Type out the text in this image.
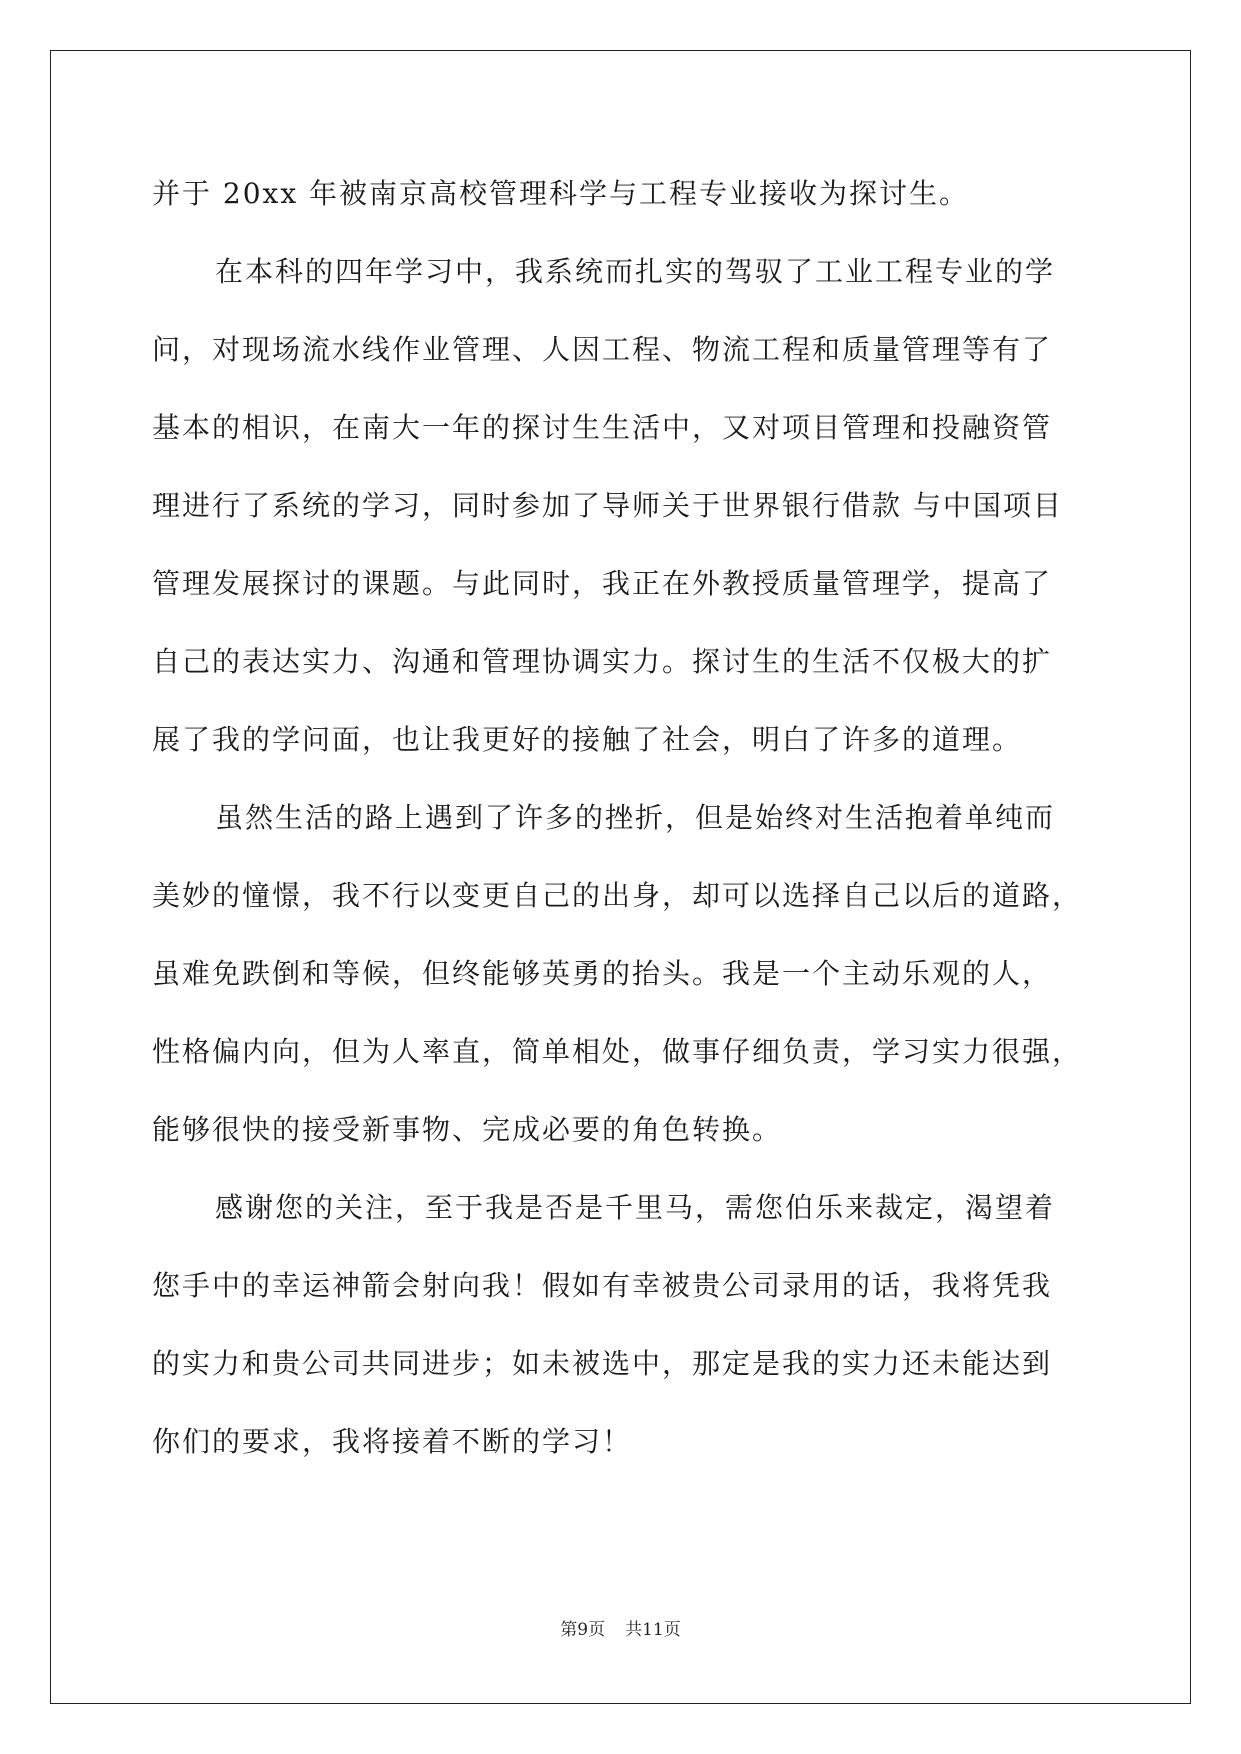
并于 20xx 年被南京高校管理科学与工程专业接收为探讨生。
在本科的四年学习中，我系统而扎实的驾驭了工业工程专业的学
问，对现场流水线作业管理、人因工程、物流工程和质量管理等有了
基本的相识，在南大一年的探讨生生活中，又对项目管理和投融资管
理进行了系统的学习，同时参加了导师关于世界银行借款 与中国项目
管理发展探讨的课题。与此同时，我正在外教授质量管理学，提高了
自己的表达实力、沟通和管理协调实力。探讨生的生活不仅极大的扩
展了我的学问面，也让我更好的接触了社会，明白了许多的道理。
虽然生活的路上遇到了许多的挫折，但是始终对生活抱着单纯而
美妙的憧憬，我不行以变更自己的出身，却可以选择自己以后的道路，
虽难免跌倒和等候，但终能够英勇的抬头。我是一个主动乐观的人，
性格偏内向，但为人率直，简单相处，做事仔细负责，学习实力很强，
能够很快的接受新事物、完成必要的角色转换。
感谢您的关注，至于我是否是千里马，需您伯乐来裁定，渴望着
您手中的幸运神箭会射向我！假如有幸被贵公司录用的话，我将凭我
的实力和贵公司共同进步；如未被选中，那定是我的实力还未能达到
你们的要求，我将接着不断的学习！
第9页 共11页
